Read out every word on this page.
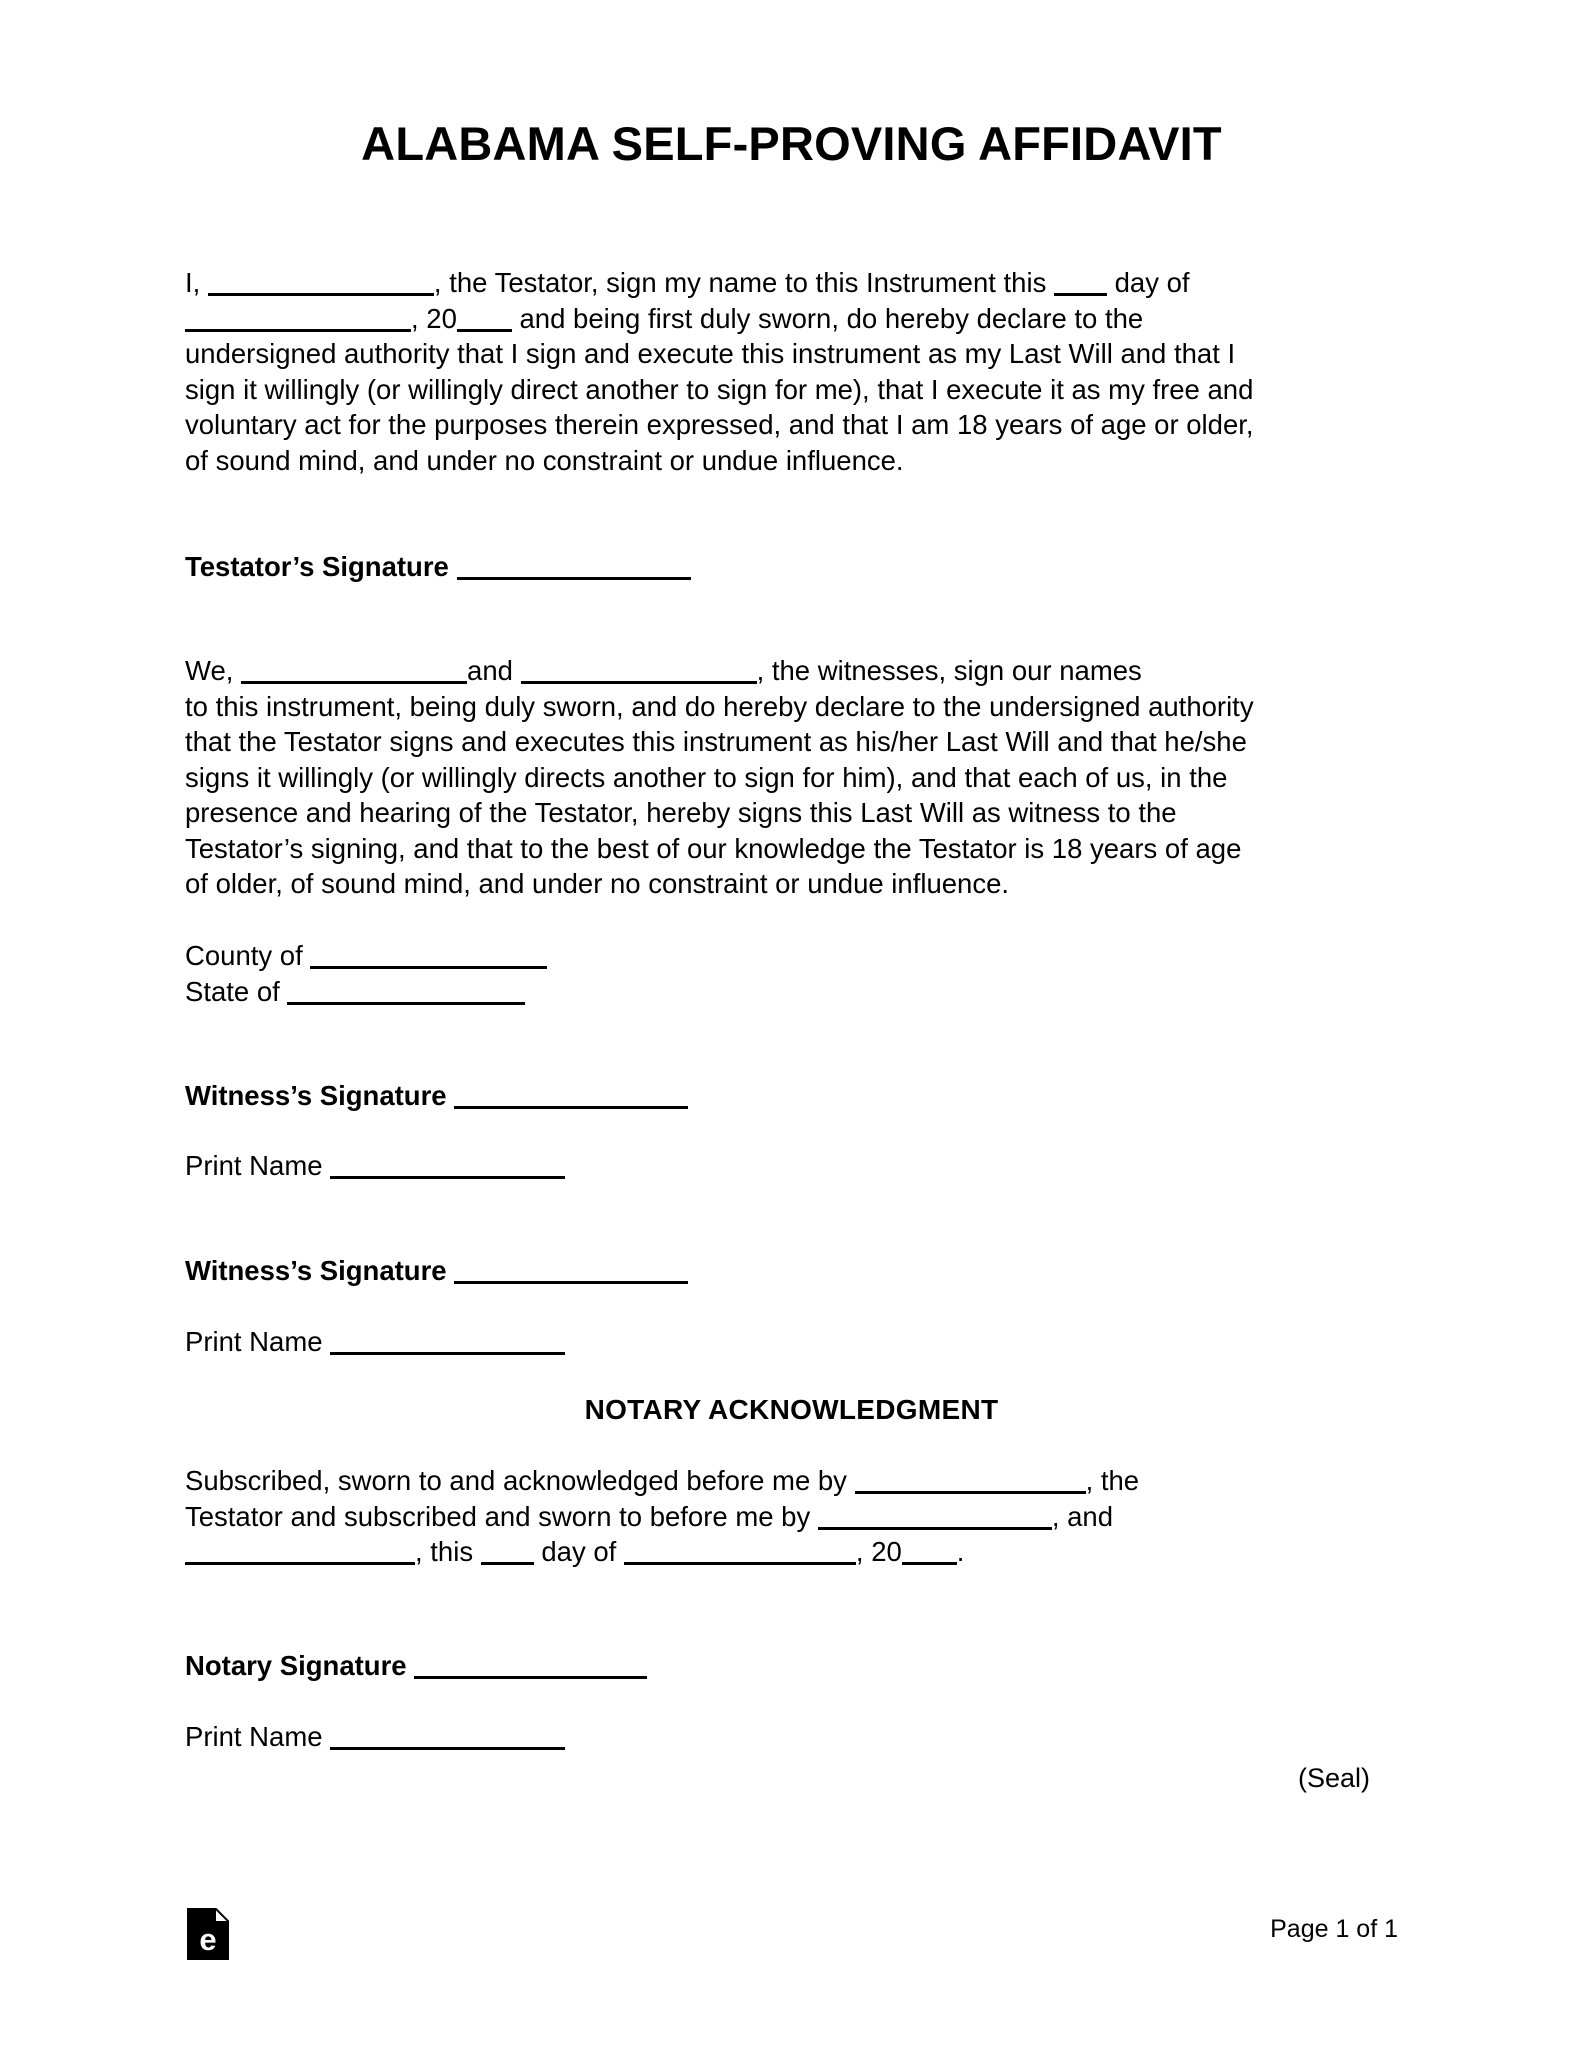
ALABAMA SELF-PROVING AFFIDAVIT
I,	, the Testator, sign my name to this Instrument this  day of
, 20 and being first duly sworn, do hereby declare to the
undersigned authority that I sign and execute this instrument as my Last Will and that I
sign it willingly (or willingly direct another to sign for me), that I execute it as my free and
voluntary act for the purposes therein expressed, and that I am 18 years of age or older,
of sound mind, and under no constraint or undue influence.
Testator’s Signature
We,	and	, the witnesses, sign our names
to this instrument, being duly sworn, and do hereby declare to the undersigned authority
that the Testator signs and executes this instrument as his/her Last Will and that he/she
signs it willingly (or willingly directs another to sign for him), and that each of us, in the
presence and hearing of the Testator, hereby signs this Last Will as witness to the
Testator’s signing, and that to the best of our knowledge the Testator is 18 years of age
of older, of sound mind, and under no constraint or undue influence.
County of
State of
Witness’s Signature
Print Name
Witness’s Signature
Print Name
NOTARY ACKNOWLEDGMENT
Subscribed, sworn to and acknowledged before me by	, the
Testator and subscribed and sworn to before me by	, and
, this  day of	, 20 .
Notary Signature
Print Name
(Seal)
e	Page 1 of 1
